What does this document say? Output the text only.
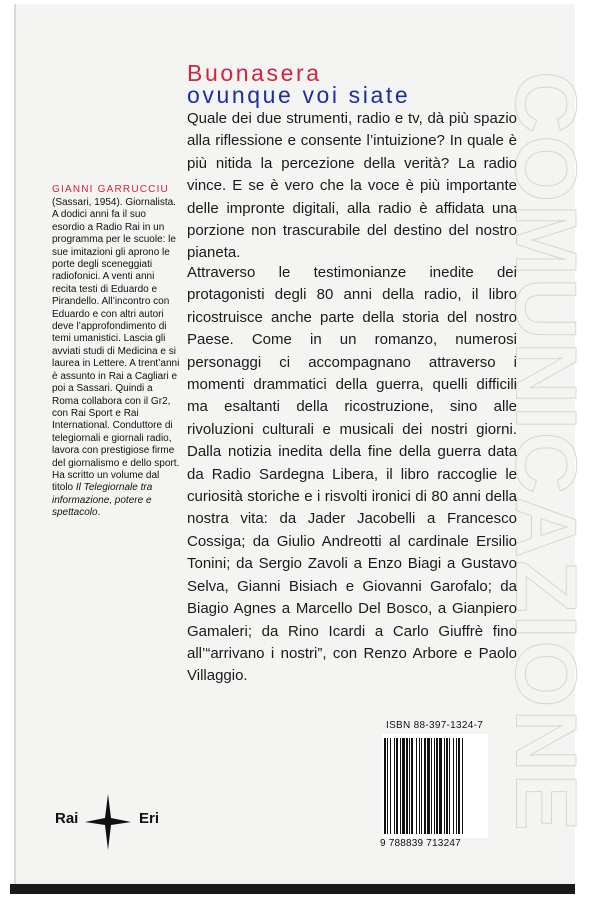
COMUNICAZIONE
Buonasera
ovunque voi siate
Quale dei due strumenti, radio e tv, dà più spazio alla riflessione e consente l’intuizione? In quale è più nitida la percezione della verità? La radio vince. E se è vero che la voce è più importante delle impronte digitali, alla radio è affidata una porzione non trascurabile del destino del nostro pianeta.
Attraverso le testimonianze inedite dei protagonisti degli 80 anni della radio, il libro ricostruisce anche parte della storia del nostro Paese. Come in un romanzo, numerosi personaggi ci accompagnano attraverso i momenti drammatici della guerra, quelli difficili ma esaltanti della ricostruzione, sino alle rivoluzioni culturali e musicali dei nostri giorni. Dalla notizia inedita della fine della guerra data da Radio Sardegna Libera, il libro raccoglie le curiosità storiche e i risvolti ironici di 80 anni della nostra vita: da Jader Jacobelli a Francesco Cossiga; da Giulio Andreotti al cardinale Ersilio Tonini; da Sergio Zavoli a Enzo Biagi a Gustavo Selva, Gianni Bisiach e Giovanni Garofalo; da Biagio Agnes a Marcello Del Bosco, a Gianpiero Gamaleri; da Rino Icardi a Carlo Giuffrè fino all’“arrivano i nostri”, con Renzo Arbore e Paolo Villaggio.
GIANNI GARRUCCIU
(Sassari, 1954). Giornalista. A dodici anni fa il suo esordio a Radio Rai in un programma per le scuole: le sue imitazioni gli aprono le porte degli sceneggiati radiofonici. A venti anni recita testi di Eduardo e Pirandello. All’incontro con Eduardo e con altri autori deve l’approfondimento di temi umanistici. Lascia gli avviati studi di Medicina e si laurea in Lettere. A trent’anni è assunto in Rai a Cagliari e poi a Sassari. Quindi a Roma collabora con il Gr2, con Rai Sport e Rai International. Conduttore di telegiornali e giornali radio, lavora con prestigiose firme del giornalismo e dello sport. Ha scritto un volume dal titolo Il Telegiornale tra informazione, potere e spettacolo.
Rai	Eri
ISBN 88-397-1324-7
9 788839 713247
